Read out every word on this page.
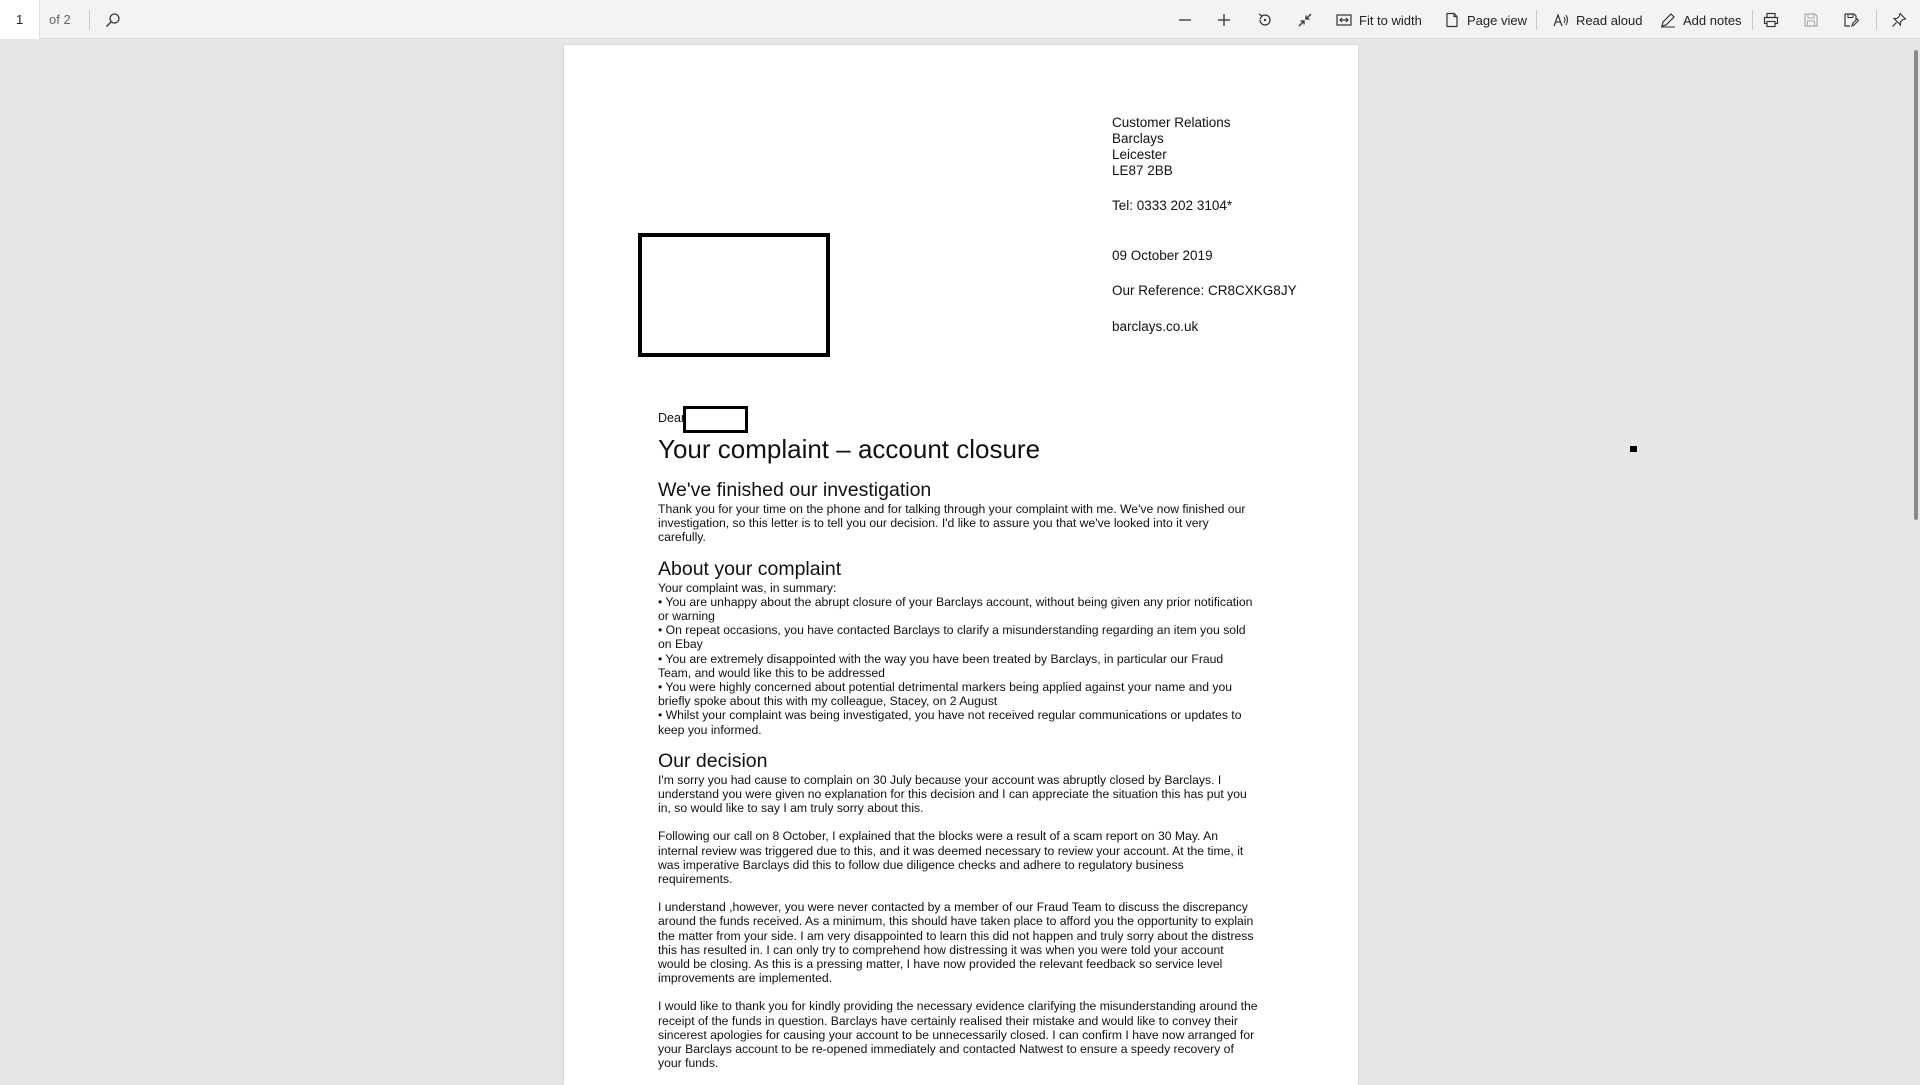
1	of 2	Fit to width	Page view	Read aloud	Add notes
Customer Relations
Barclays
Leicester
LE87 2BB
Tel: 0333 202 3104*
09 October 2019
Our Reference: CR8CXKG8JY
barclays.co.uk
Dear
Your complaint – account closure
We've finished our investigation

Thank you for your time on the phone and for talking through your complaint with me. We've now finished our investigation, so this letter is to tell you our decision. I'd like to assure you that we've looked into it very carefully.

About your complaint

Your complaint was, in summary:

• You are unhappy about the abrupt closure of your Barclays account, without being given any prior notification or warning

• On repeat occasions, you have contacted Barclays to clarify a misunderstanding regarding an item you sold on Ebay

• You are extremely disappointed with the way you have been treated by Barclays, in particular our Fraud Team, and would like this to be addressed

• You were highly concerned about potential detrimental markers being applied against your name and you briefly spoke about this with my colleague, Stacey, on 2 August

• Whilst your complaint was being investigated, you have not received regular communications or updates to keep you informed.

Our decision

I'm sorry you had cause to complain on 30 July because your account was abruptly closed by Barclays. I understand you were given no explanation for this decision and I can appreciate the situation this has put you in, so would like to say I am truly sorry about this.

Following our call on 8 October, I explained that the blocks were a result of a scam report on 30 May. An internal review was triggered due to this, and it was deemed necessary to review your account. At the time, it was imperative Barclays did this to follow due diligence checks and adhere to regulatory business requirements.

I understand ,however, you were never contacted by a member of our Fraud Team to discuss the discrepancy around the funds received. As a minimum, this should have taken place to afford you the opportunity to explain the matter from your side. I am very disappointed to learn this did not happen and truly sorry about the distress this has resulted in. I can only try to comprehend how distressing it was when you were told your account would be closing. As this is a pressing matter, I have now provided the relevant feedback so service level improvements are implemented.

I would like to thank you for kindly providing the necessary evidence clarifying the misunderstanding around the receipt of the funds in question. Barclays have certainly realised their mistake and would like to convey their sincerest apologies for causing your account to be unnecessarily closed. I can confirm I have now arranged for your Barclays account to be re-opened immediately and contacted Natwest to ensure a speedy recovery of your funds.
